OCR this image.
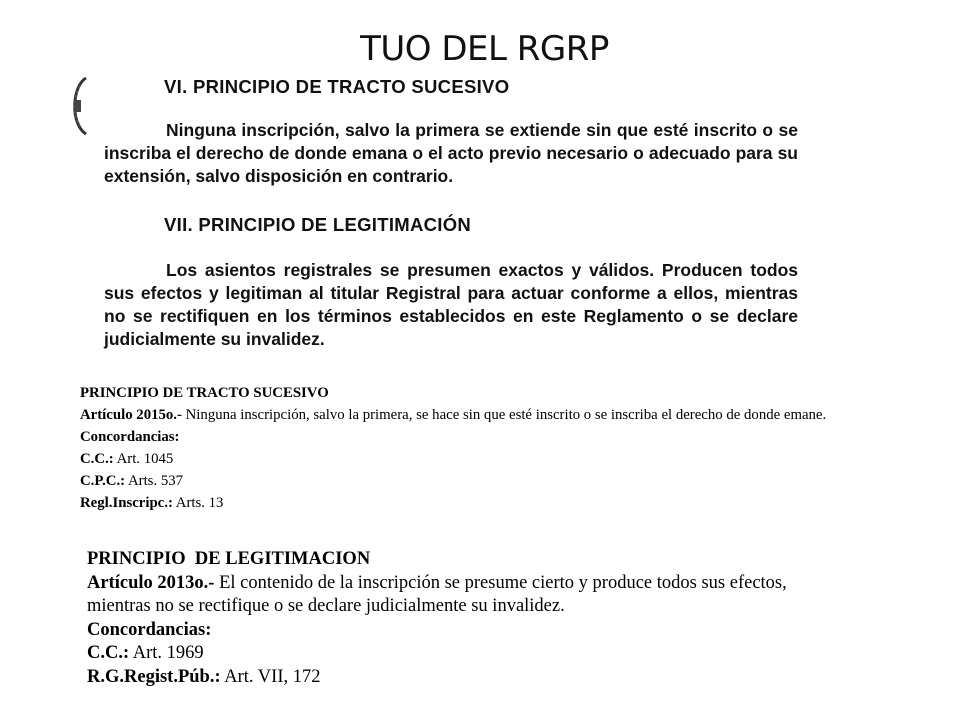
TUO DEL RGRP

VI. PRINCIPIO DE TRACTO SUCESIVO

Ninguna inscripción, salvo la primera se extiende sin que esté inscrito o se inscriba el derecho de donde emana o el acto previo necesario o adecuado para su extensión, salvo disposición en contrario.

VII. PRINCIPIO DE LEGITIMACIÓN

Los asientos registrales se presumen exactos y válidos. Producen todos sus efectos y legitiman al titular Registral para actuar conforme a ellos, mientras no se rectifiquen en los términos establecidos en este Reglamento o se declare judicialmente su invalidez.

PRINCIPIO DE TRACTO SUCESIVO
Artículo 2015o.- Ninguna inscripción, salvo la primera, se hace sin que esté inscrito o se inscriba el derecho de donde emane.
Concordancias:
C.C.: Art. 1045
C.P.C.: Arts. 537
Regl.Inscripc.: Arts. 13
PRINCIPIO  DE LEGITIMACION
Artículo 2013o.- El contenido de la inscripción se presume cierto y produce todos sus efectos, mientras no se rectifique o se declare judicialmente su invalidez.
Concordancias:
C.C.: Art. 1969
R.G.Regist.Púb.: Art. VII, 172
